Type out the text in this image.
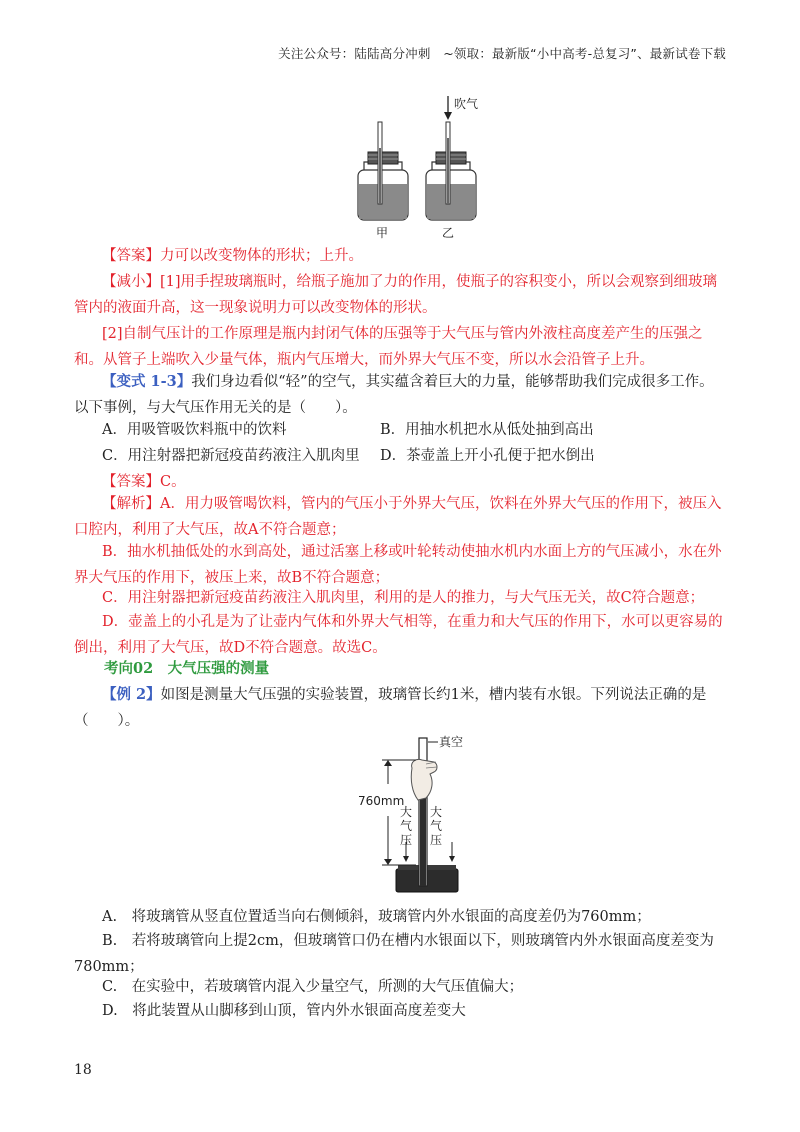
关注公众号：陆陆高分冲刺　~领取：最新版“小中高考-总复习”、最新试卷下载
吹气
甲	乙

【答案】力可以改变物体的形状；上升。

【减小】[1]用手捏玻璃瓶时，给瓶子施加了力的作用，使瓶子的容积变小，所以会观察到细玻璃管内的液面升高，这一现象说明力可以改变物体的形状。

[2]自制气压计的工作原理是瓶内封闭气体的压强等于大气压与管内外液柱高度差产生的压强之和。从管子上端吹入少量气体，瓶内气压增大，而外界大气压不变，所以水会沿管子上升。

【变式 1-3】我们身边看似“轻”的空气，其实蕴含着巨大的力量，能够帮助我们完成很多工作。以下事例，与大气压作用无关的是（　　）。

A．用吸管吸饮料瓶中的饮料	B．用抽水机把水从低处抽到高出
C．用注射器把新冠疫苗药液注入肌肉里 D．茶壶盖上开小孔便于把水倒出

【答案】C。

【解析】A．用力吸管喝饮料，管内的气压小于外界大气压，饮料在外界大气压的作用下，被压入口腔内，利用了大气压，故A不符合题意；

B．抽水机抽低处的水到高处，通过活塞上移或叶轮转动使抽水机内水面上方的气压减小，水在外界大气压的作用下，被压上来，故B不符合题意；

C．用注射器把新冠疫苗药液注入肌肉里，利用的是人的推力，与大气压无关，故C符合题意；

D．壶盖上的小孔是为了让壶内气体和外界大气相等，在重力和大气压的作用下，水可以更容易的倒出，利用了大气压，故D不符合题意。故选C。

考向02　大气压强的测量

【例 2】如图是测量大气压强的实验装置，玻璃管长约1米，槽内装有水银。下列说法正确的是（　　）。

真空
760mm
大
气
压
大
气
压

A.　将玻璃管从竖直位置适当向右侧倾斜，玻璃管内外水银面的高度差仍为760mm；

B.　若将玻璃管向上提2cm，但玻璃管口仍在槽内水银面以下，则玻璃管内外水银面高度差变为780mm；

C.　在实验中，若玻璃管内混入少量空气，所测的大气压值偏大；

D.　将此装置从山脚移到山顶，管内外水银面高度差变大

18
